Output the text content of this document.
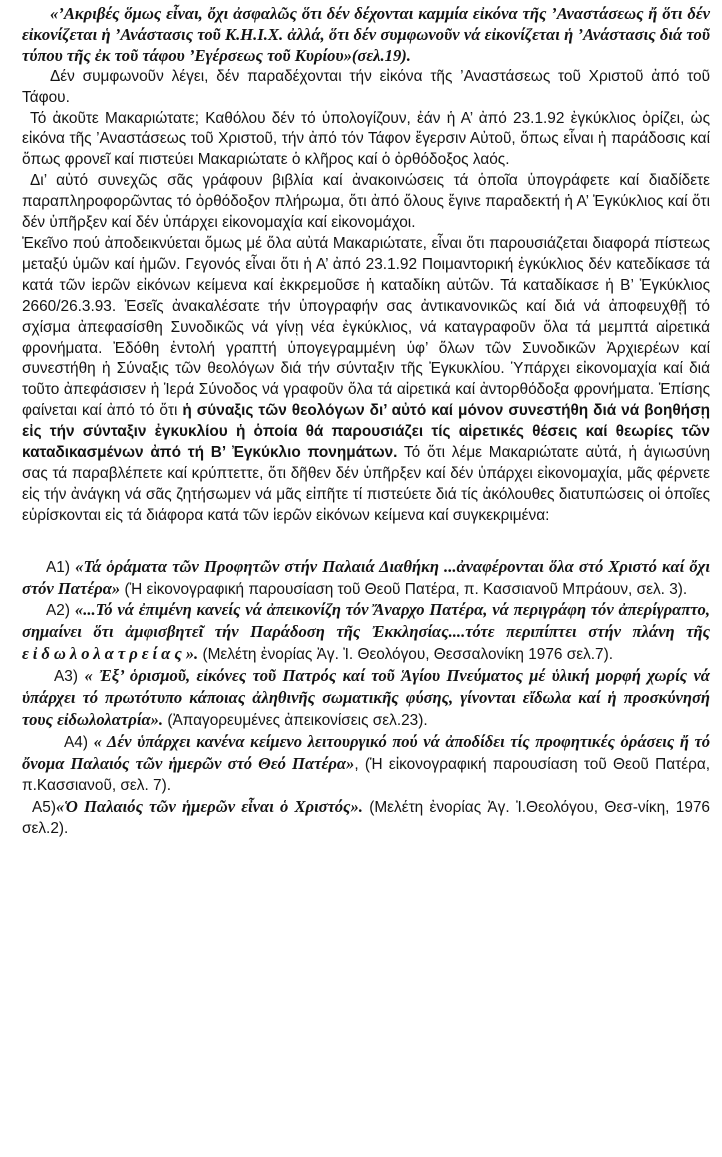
«’Ακριβές ὅμως εἶναι, ὄχι ἀσφαλῶς ὅτι δέν δέχονται καμμία εἰκόνα τῆς ’Αναστάσεως ἤ ὅτι δέν εἰκονίζεται ἡ ’Ανάστασις τοῦ Κ.Η.Ι.Χ. ἀλλά, ὅτι δέν συμφωνοῦν νά εἰκονίζεται ἡ ’Ανάστασις διά τοῦ τύπου τῆς ἐκ τοῦ τάφου ’Εγέρσεως τοῦ Κυρίου»(σελ.19).

Δέν συμφωνοῦν λέγει, δέν παραδέχονται τήν εἰκόνα τῆς ’Αναστάσεως τοῦ Χριστοῦ ἀπό τοῦ Τάφου.

Τό ἀκοῦτε Μακαριώτατε; Καθόλου δέν τό ὑπολογίζουν, ἐάν ἡ Α’ ἀπό 23.1.92 ἐγκύκλιος ὁρίζει, ὡς εἰκόνα τῆς ’Αναστάσεως τοῦ Χριστοῦ, τήν ἀπό τόν Τάφον ἔγερσιν Αὐτοῦ, ὅπως εἶναι ἡ παράδοσις καί ὅπως φρονεῖ καί πιστεύει Μακαριώτατε ὁ κλῆρος καί ὁ ὀρθόδοξος λαός.

Δι’ αὐτό συνεχῶς σᾶς γράφουν βιβλία καί ἀνακοινώσεις τά ὁποῖα ὑπογράφετε καί διαδίδετε παραπληροφορῶντας τό ὀρθόδοξον πλήρωμα, ὅτι ἀπό ὅλους ἔγινε παραδεκτή ἡ Α’ Ἐγκύκλιος καί ὅτι δέν ὑπῆρξεν καί δέν ὑπάρχει εἰκονομαχία καί εἰκονομάχοι.

Ἐκεῖνο πού ἀποδεικνύεται ὅμως μέ ὅλα αὐτά Μακαριώτατε, εἶναι ὅτι παρουσιάζεται διαφορά πίστεως μεταξύ ὑμῶν καί ἡμῶν. Γεγονός εἶναι ὅτι ἡ Α’ ἀπό 23.1.92 Ποιμαντορική ἐγκύκλιος δέν κατεδίκασε τά κατά τῶν ἱερῶν εἰκόνων κείμενα καί ἐκκρεμοῦσε ἡ καταδίκη αὐτῶν. Τά καταδίκασε ἡ Β’ Ἐγκύκλιος 2660/26.3.93. Ἐσεῖς ἀνακαλέσατε τήν ὑπογραφήν σας ἀντικανονικῶς καί διά νά ἀποφευχθῇ τό σχίσμα ἀπεφασίσθη Συνοδικῶς νά γίνῃ νέα ἐγκύκλιος, νά καταγραφοῦν ὅλα τά μεμπτά αἱρετικά φρονήματα. Ἐδόθη ἐντολή γραπτή ὑπογεγραμμένη ὑφ’ ὅλων τῶν Συνοδικῶν Ἀρχιερέων καί συνεστήθη ἡ Σύναξις τῶν θεολόγων διά τήν σύνταξιν τῆς Ἐγκυκλίου. Ὑπάρχει εἰκονομαχία καί διά τοῦτο ἀπεφάσισεν ἡ Ἱερά Σύνοδος νά γραφοῦν ὅλα τά αἱρετικά καί ἀντορθόδοξα φρονήματα. Ἐπίσης φαίνεται καί ἀπό τό ὅτι ἡ σύναξις τῶν θεολόγων δι’ αὐτό καί μόνον συνεστήθη διά νά βοηθήσῃ εἰς τήν σύνταξιν ἐγκυκλίου ἡ ὁποία θά παρουσιάζει τίς αἱρετικές θέσεις καί θεωρίες τῶν καταδικασμένων ἀπό τή Β’ Ἐγκύκλιο πονημάτων. Τό ὅτι λέμε Μακαριώτατε αὐτά, ἡ ἁγιωσύνη σας τά παραβλέπετε καί κρύπτεττε, ὅτι δῆθεν δέν ὑπῆρξεν καί δέν ὑπάρχει εἰκονομαχία, μᾶς φέρνετε εἰς τήν ἀνάγκη νά σᾶς ζητήσωμεν νά μᾶς εἰπῆτε τί πιστεύετε διά τίς ἀκόλουθες διατυπώσεις οἱ ὁποῖες εὑρίσκονται εἰς τά διάφορα κατά τῶν ἱερῶν εἰκόνων κείμενα καί συγκεκριμένα:

Α1) «Τά ὁράματα τῶν Προφητῶν στήν Παλαιά Διαθήκη ...ἀναφέρονται ὅλα στό Χριστό καί ὄχι στόν Πατέρα» (Ἡ εἰκονογραφική παρουσίαση τοῦ Θεοῦ Πατέρα, π. Κασσιανοῦ Μπράουν, σελ. 3).

Α2) «...Τό νά ἐπιμένη κανείς νά ἀπεικονίζη τόν Ἄναρχο Πατέρα, νά περιγράφη τόν ἀπερίγραπτο, σημαίνει ὅτι ἀμφισβητεῖ τήν Παράδοση τῆς Ἐκκλησίας....τότε περιπίπτει στήν πλάνη τῆς εἰδωλολατρείας». (Μελέτη ἐνορίας Ἀγ. Ἰ. Θεολόγου, Θεσσαλονίκη 1976 σελ.7).

Α3) « Ἐξ’ ὁρισμοῦ, εἰκόνες τοῦ Πατρός καί τοῦ Ἁγίου Πνεύματος μέ ὑλική μορφή χωρίς νά ὑπάρχει τό πρωτότυπο κάποιας ἀληθινῆς σωματικῆς φύσης, γίνονται εἴδωλα καί ἡ προσκύνησή τους εἰδωλολατρία». (Ἀπαγορευμένες ἀπεικονίσεις σελ.23).

Α4) « Δέν ὑπάρχει κανένα κείμενο λειτουργικό πού νά ἀποδίδει τίς προφητικές ὁράσεις ἤ τό ὄνομα Παλαιός τῶν ἡμερῶν στό Θεό Πατέρα», (Ἡ εἰκονογραφική παρουσίαση τοῦ Θεοῦ Πατέρα, π.Κασσιανοῦ, σελ. 7).

Α5)«Ὁ Παλαιός τῶν ἡμερῶν εἶναι ὁ Χριστός». (Μελέτη ἐνορίας Ἀγ. Ἰ.Θεολόγου, Θεσ-νίκη, 1976 σελ.2).
